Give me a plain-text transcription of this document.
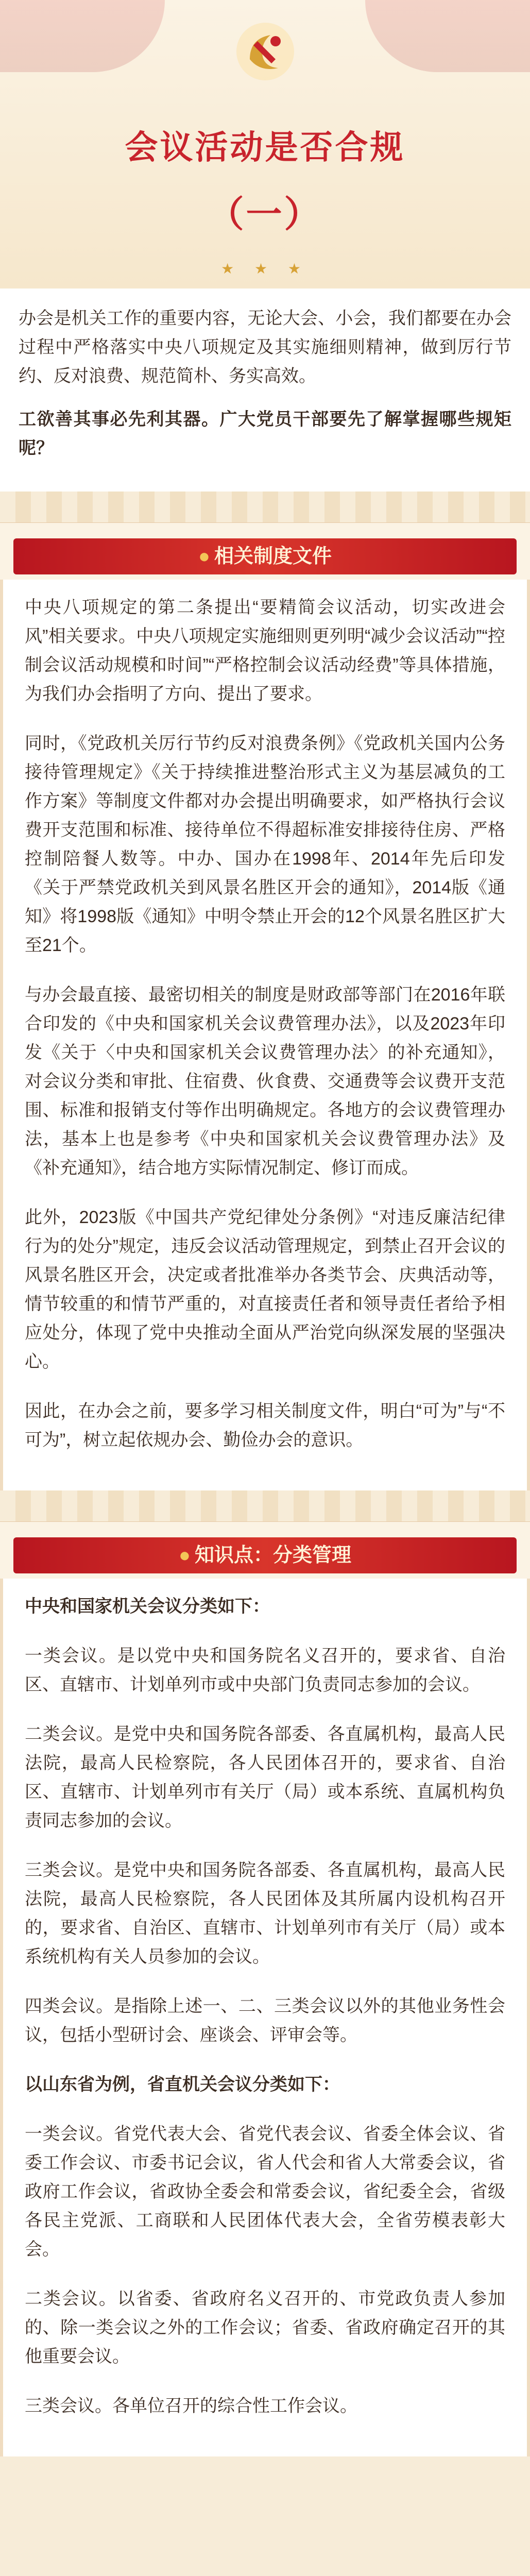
会议活动是否合规
（一）
★ ★ ★

办会是机关工作的重要内容，无论大会、小会，我们都要在办会过程中严格落实中央八项规定及其实施细则精神，做到厉行节约、反对浪费、规范简朴、务实高效。

工欲善其事必先利其器。广大党员干部要先了解掌握哪些规矩呢？

● 相关制度文件

中央八项规定的第二条提出“要精简会议活动，切实改进会风”相关要求。中央八项规定实施细则更列明“减少会议活动”“控制会议活动规模和时间”“严格控制会议活动经费”等具体措施，为我们办会指明了方向、提出了要求。

同时，《党政机关厉行节约反对浪费条例》《党政机关国内公务接待管理规定》《关于持续推进整治形式主义为基层减负的工作方案》等制度文件都对办会提出明确要求，如严格执行会议费开支范围和标准、接待单位不得超标准安排接待住房、严格控制陪餐人数等。中办、国办在1998年、2014年先后印发《关于严禁党政机关到风景名胜区开会的通知》，2014版《通知》将1998版《通知》中明令禁止开会的12个风景名胜区扩大至21个。

与办会最直接、最密切相关的制度是财政部等部门在2016年联合印发的《中央和国家机关会议费管理办法》，以及2023年印发《关于〈中央和国家机关会议费管理办法〉的补充通知》，对会议分类和审批、住宿费、伙食费、交通费等会议费开支范围、标准和报销支付等作出明确规定。各地方的会议费管理办法，基本上也是参考《中央和国家机关会议费管理办法》及《补充通知》，结合地方实际情况制定、修订而成。

此外，2023版《中国共产党纪律处分条例》“对违反廉洁纪律行为的处分”规定，违反会议活动管理规定，到禁止召开会议的风景名胜区开会，决定或者批准举办各类节会、庆典活动等，情节较重的和情节严重的，对直接责任者和领导责任者给予相应处分，体现了党中央推动全面从严治党向纵深发展的坚强决心。

因此，在办会之前，要多学习相关制度文件，明白“可为”与“不可为”，树立起依规办会、勤俭办会的意识。

● 知识点：分类管理

中央和国家机关会议分类如下：

一类会议。是以党中央和国务院名义召开的，要求省、自治区、直辖市、计划单列市或中央部门负责同志参加的会议。

二类会议。是党中央和国务院各部委、各直属机构，最高人民法院，最高人民检察院，各人民团体召开的，要求省、自治区、直辖市、计划单列市有关厅（局）或本系统、直属机构负责同志参加的会议。

三类会议。是党中央和国务院各部委、各直属机构，最高人民法院，最高人民检察院，各人民团体及其所属内设机构召开的，要求省、自治区、直辖市、计划单列市有关厅（局）或本系统机构有关人员参加的会议。

四类会议。是指除上述一、二、三类会议以外的其他业务性会议，包括小型研讨会、座谈会、评审会等。

以山东省为例，省直机关会议分类如下：

一类会议。省党代表大会、省党代表会议、省委全体会议、省委工作会议、市委书记会议，省人代会和省人大常委会议，省政府工作会议，省政协全委会和常委会议，省纪委全会，省级各民主党派、工商联和人民团体代表大会，全省劳模表彰大会。

二类会议。以省委、省政府名义召开的、市党政负责人参加的、除一类会议之外的工作会议；省委、省政府确定召开的其他重要会议。

三类会议。各单位召开的综合性工作会议。
